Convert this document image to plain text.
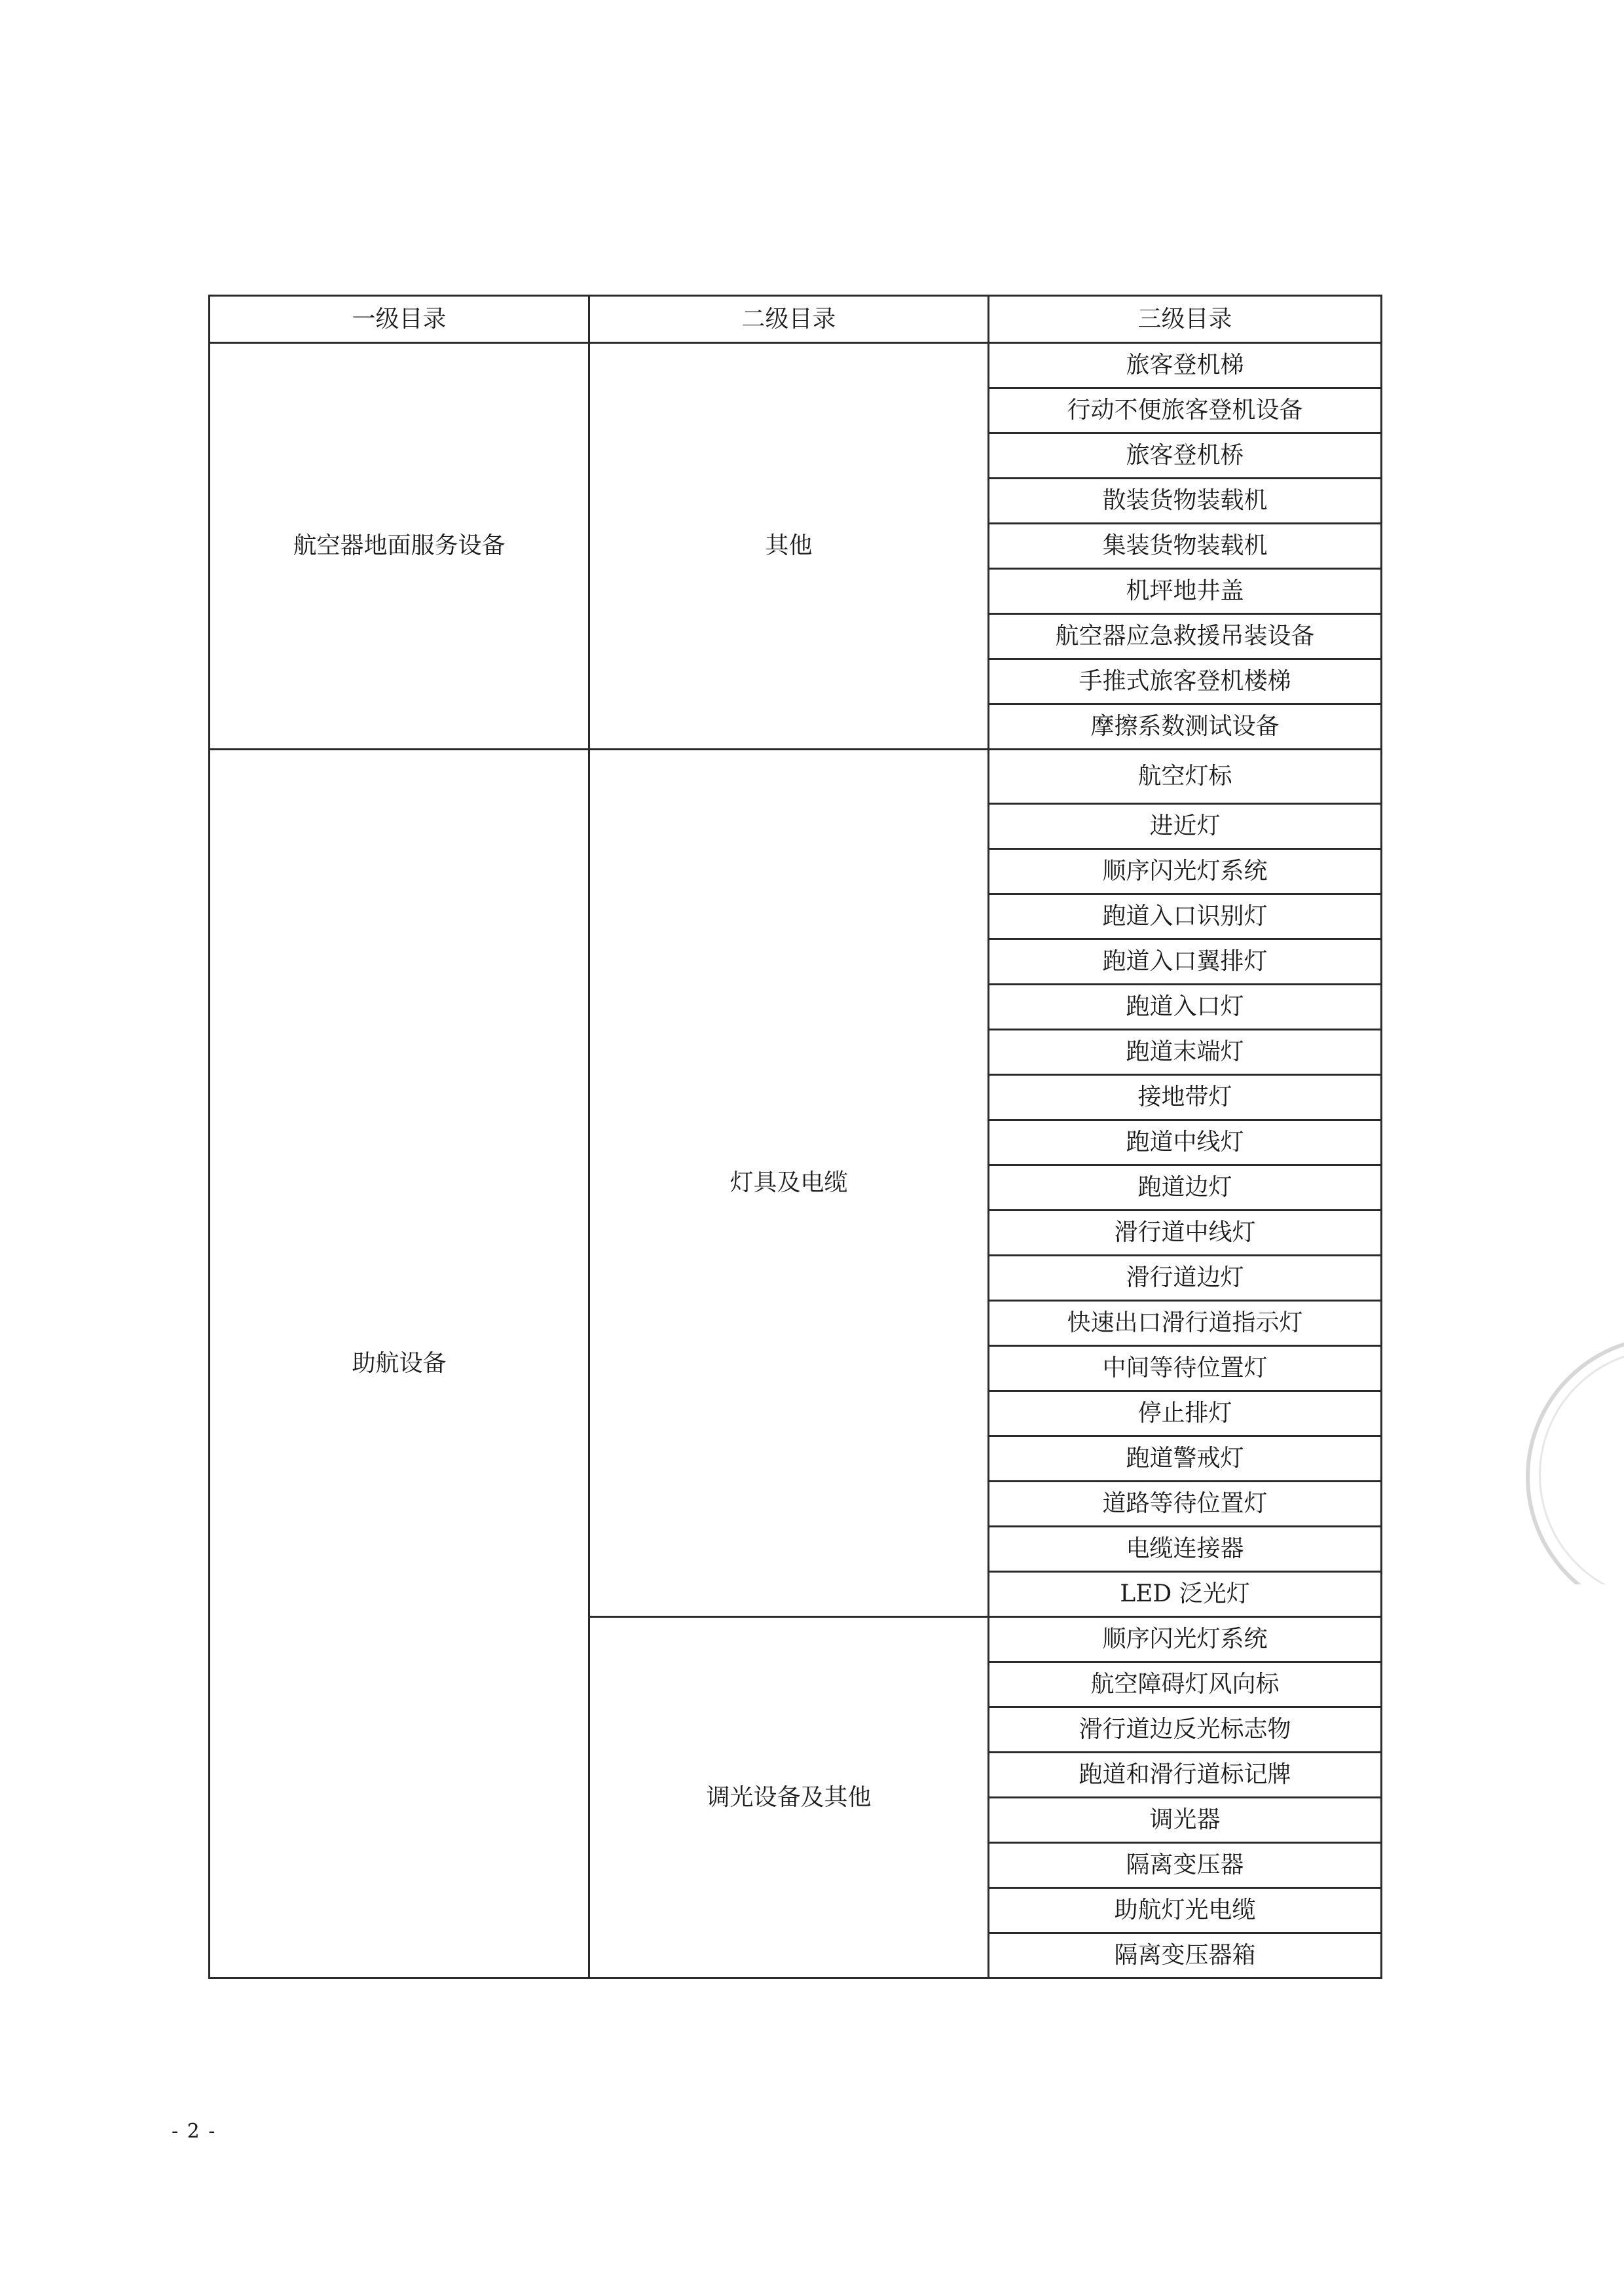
一级目录	二级目录	三级目录
航空器地面服务设备	其他	旅客登机梯
		行动不便旅客登机设备
		旅客登机桥
		散装货物装载机
		集装货物装载机
		机坪地井盖
		航空器应急救援吊装设备
		手推式旅客登机楼梯
		摩擦系数测试设备
助航设备	灯具及电缆	航空灯标
		进近灯
		顺序闪光灯系统
		跑道入口识别灯
		跑道入口翼排灯
		跑道入口灯
		跑道末端灯
		接地带灯
		跑道中线灯
		跑道边灯
		滑行道中线灯
		滑行道边灯
		快速出口滑行道指示灯
		中间等待位置灯
		停止排灯
		跑道警戒灯
		道路等待位置灯
		电缆连接器
		LED 泛光灯
	调光设备及其他	顺序闪光灯系统
		航空障碍灯风向标
		滑行道边反光标志物
		跑道和滑行道标记牌
		调光器
		隔离变压器
		助航灯光电缆
		隔离变压器箱
- 2 -
